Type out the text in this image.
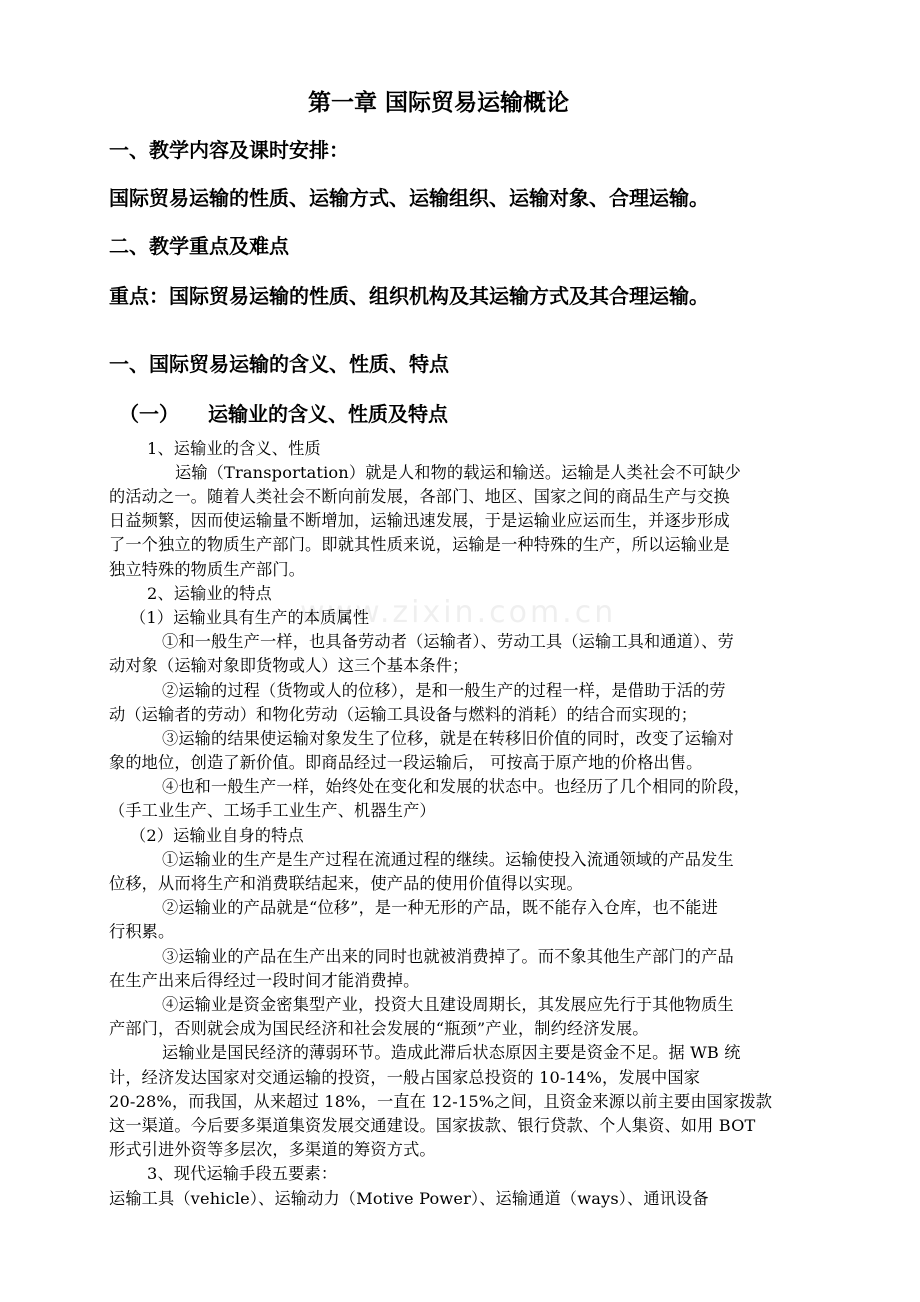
www.zixin.com.cn
第一章 国际贸易运输概论
一、教学内容及课时安排：
国际贸易运输的性质、运输方式、运输组织、运输对象、合理运输。
二、教学重点及难点
重点：国际贸易运输的性质、组织机构及其运输方式及其合理运输。
一、国际贸易运输的含义、性质、特点
（一） 运输业的含义、性质及特点
1、运输业的含义、性质
运输（Transportation）就是人和物的载运和输送。运输是人类社会不可缺少
的活动之一。随着人类社会不断向前发展，各部门、地区、国家之间的商品生产与交换
日益频繁，因而使运输量不断增加，运输迅速发展，于是运输业应运而生，并逐步形成
了一个独立的物质生产部门。即就其性质来说，运输是一种特殊的生产，所以运输业是
独立特殊的物质生产部门。
2、运输业的特点
（1）运输业具有生产的本质属性
①和一般生产一样，也具备劳动者（运输者）、劳动工具（运输工具和通道）、劳
动对象（运输对象即货物或人）这三个基本条件；
②运输的过程（货物或人的位移），是和一般生产的过程一样，是借助于活的劳
动（运输者的劳动）和物化劳动（运输工具设备与燃料的消耗）的结合而实现的；
③运输的结果使运输对象发生了位移，就是在转移旧价值的同时，改变了运输对
象的地位，创造了新价值。即商品经过一段运输后， 可按高于原产地的价格出售。
④也和一般生产一样，始终处在变化和发展的状态中。也经历了几个相同的阶段，
（手工业生产、工场手工业生产、机器生产）
（2）运输业自身的特点
①运输业的生产是生产过程在流通过程的继续。运输使投入流通领域的产品发生
位移，从而将生产和消费联结起来，使产品的使用价值得以实现。
②运输业的产品就是“位移”，是一种无形的产品，既不能存入仓库，也不能进
行积累。
③运输业的产品在生产出来的同时也就被消费掉了。而不象其他生产部门的产品
在生产出来后得经过一段时间才能消费掉。
④运输业是资金密集型产业，投资大且建设周期长，其发展应先行于其他物质生
产部门，否则就会成为国民经济和社会发展的“瓶颈”产业，制约经济发展。
运输业是国民经济的薄弱环节。造成此滞后状态原因主要是资金不足。据 WB 统
计，经济发达国家对交通运输的投资，一般占国家总投资的 10-14%，发展中国家
20-28%，而我国，从来超过 18%，一直在 12-15%之间，且资金来源以前主要由国家拨款
这一渠道。今后要多渠道集资发展交通建设。国家拔款、银行贷款、个人集资、如用 BOT
形式引进外资等多层次，多渠道的筹资方式。
3、现代运输手段五要素：
运输工具（vehicle）、运输动力（Motive Power）、运输通道（ways）、通讯设备
